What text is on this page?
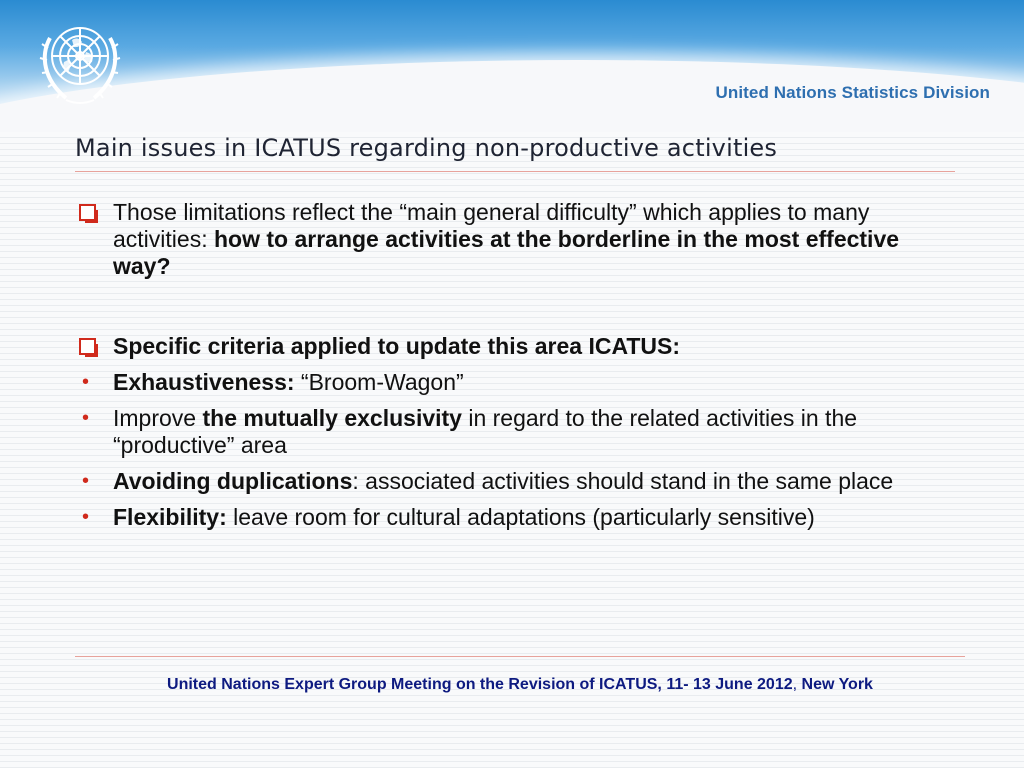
United Nations Statistics Division
Main issues in ICATUS regarding non-productive activities
Those limitations reflect the “main general difficulty” which applies to many activities: how to arrange activities at the borderline in the most effective way?
Specific criteria applied to update this area ICATUS:
• Exhaustiveness: “Broom-Wagon”
• Improve the mutually exclusivity in regard to the related activities in the “productive” area
• Avoiding duplications: associated activities should stand in the same place
• Flexibility: leave room for cultural adaptations (particularly sensitive)
United Nations Expert Group Meeting on the Revision of ICATUS, 11- 13 June 2012, New York
